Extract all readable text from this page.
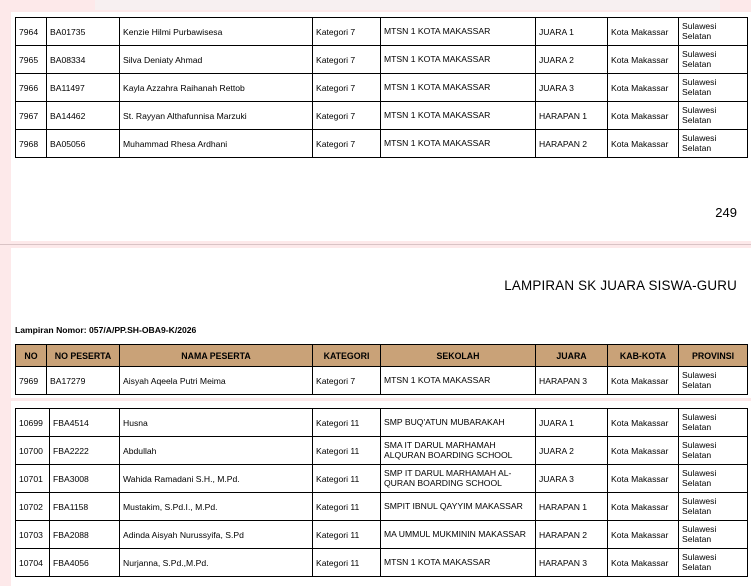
7964	BA01735	Kenzie Hilmi Purbawisesa	Kategori 7	MTSN 1 KOTA MAKASSAR	JUARA 1	Kota Makassar	Sulawesi Selatan
7965	BA08334	Silva Deniaty Ahmad	Kategori 7	MTSN 1 KOTA MAKASSAR	JUARA 2	Kota Makassar	Sulawesi Selatan
7966	BA11497	Kayla Azzahra Raihanah Rettob	Kategori 7	MTSN 1 KOTA MAKASSAR	JUARA 3	Kota Makassar	Sulawesi Selatan
7967	BA14462	St. Rayyan Althafunnisa Marzuki	Kategori 7	MTSN 1 KOTA MAKASSAR	HARAPAN 1	Kota Makassar	Sulawesi Selatan
7968	BA05056	Muhammad Rhesa Ardhani	Kategori 7	MTSN 1 KOTA MAKASSAR	HARAPAN 2	Kota Makassar	Sulawesi Selatan
249
LAMPIRAN SK JUARA SISWA-GURU
Lampiran Nomor: 057/A/PP.SH-OBA9-K/2026
NO	NO PESERTA	NAMA PESERTA	KATEGORI	SEKOLAH	JUARA	KAB-KOTA	PROVINSI
7969	BA17279	Aisyah Aqeela Putri Meima	Kategori 7	MTSN 1 KOTA MAKASSAR	HARAPAN 3	Kota Makassar	Sulawesi Selatan
10699	FBA4514	Husna	Kategori 11	SMP BUQ'ATUN MUBARAKAH	JUARA 1	Kota Makassar	Sulawesi Selatan
10700	FBA2222	Abdullah	Kategori 11	SMA IT DARUL MARHAMAH ALQURAN BOARDING SCHOOL	JUARA 2	Kota Makassar	Sulawesi Selatan
10701	FBA3008	Wahida Ramadani S.H., M.Pd.	Kategori 11	SMP IT DARUL MARHAMAH AL-QURAN BOARDING SCHOOL	JUARA 3	Kota Makassar	Sulawesi Selatan
10702	FBA1158	Mustakim, S.Pd.I., M.Pd.	Kategori 11	SMPIT IBNUL QAYYIM MAKASSAR	HARAPAN 1	Kota Makassar	Sulawesi Selatan
10703	FBA2088	Adinda Aisyah Nurussyifa, S.Pd	Kategori 11	MA UMMUL MUKMININ MAKASSAR	HARAPAN 2	Kota Makassar	Sulawesi Selatan
10704	FBA4056	Nurjanna, S.Pd.,M.Pd.	Kategori 11	MTSN 1 KOTA MAKASSAR	HARAPAN 3	Kota Makassar	Sulawesi Selatan
